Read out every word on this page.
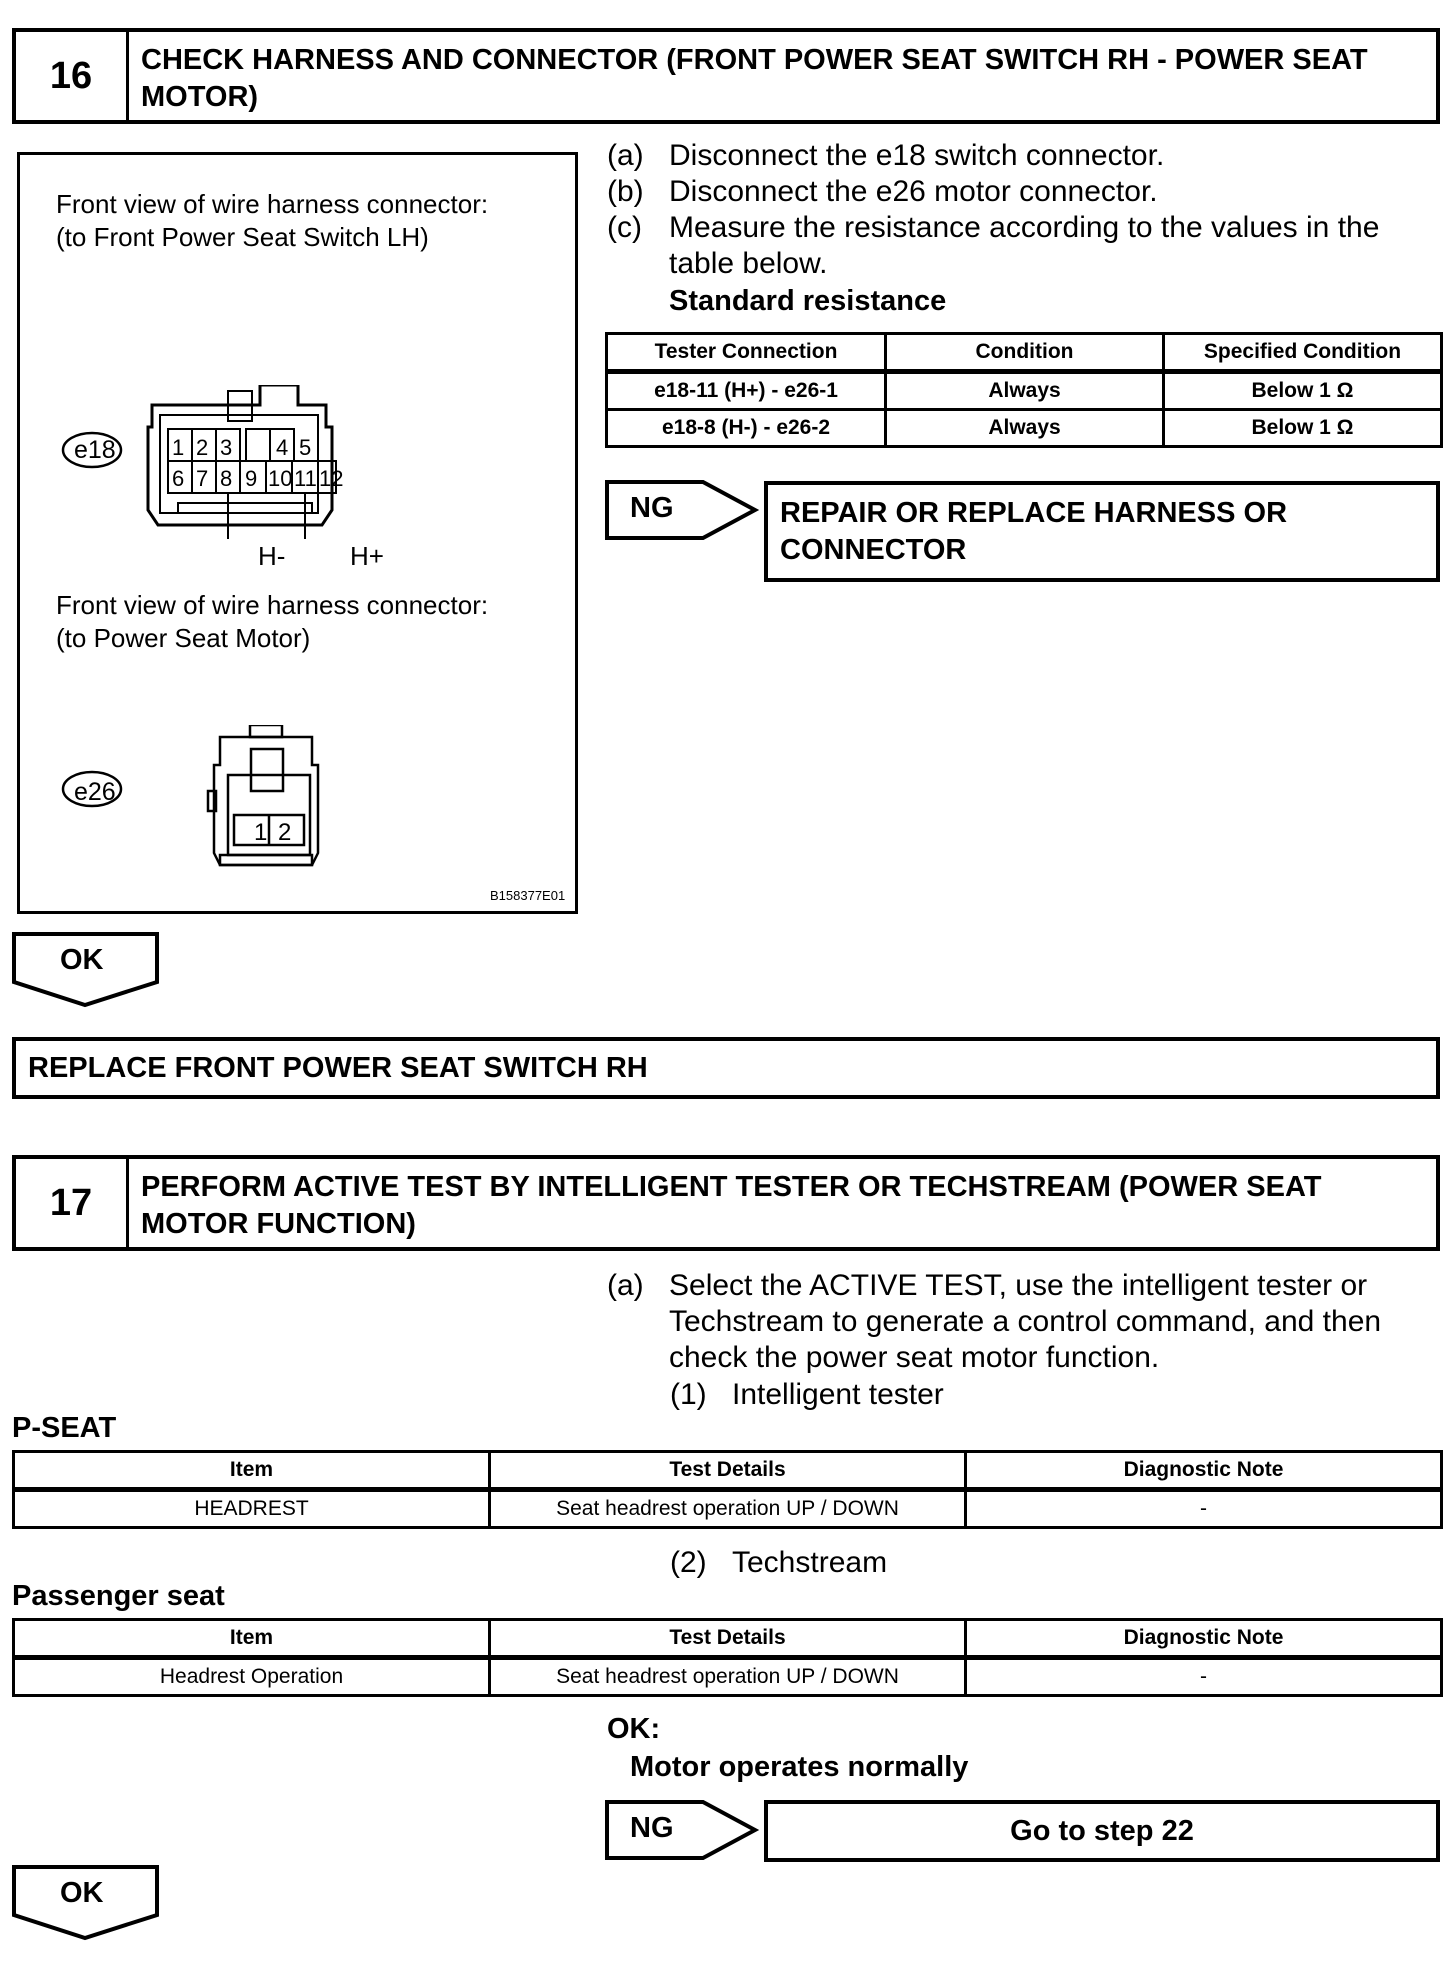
16	CHECK HARNESS AND CONNECTOR (FRONT POWER SEAT SWITCH RH - POWER SEAT MOTOR)
Front view of wire harness connector:
(to Front Power Seat Switch LH)
e18	1 2 3 4 5
6 7 8 9 10 11 12
H- H+
Front view of wire harness connector:
(to Power Seat Motor)
e26
1 2
B158377E01
(a) Disconnect the e18 switch connector.
(b) Disconnect the e26 motor connector.
(c) Measure the resistance according to the values in the table below.
Standard resistance
Tester Connection	Condition	Specified Condition
e18-11 (H+) - e26-1	Always	Below 1 Ω
e18-8 (H-) - e26-2	Always	Below 1 Ω
NG	REPAIR OR REPLACE HARNESS OR CONNECTOR
OK
REPLACE FRONT POWER SEAT SWITCH RH
17	PERFORM ACTIVE TEST BY INTELLIGENT TESTER OR TECHSTREAM (POWER SEAT MOTOR FUNCTION)
(a) Select the ACTIVE TEST, use the intelligent tester or Techstream to generate a control command, and then check the power seat motor function.
(1) Intelligent tester
P-SEAT
Item	Test Details	Diagnostic Note
HEADREST	Seat headrest operation UP / DOWN	-
(2) Techstream
Passenger seat
Item	Test Details	Diagnostic Note
Headrest Operation	Seat headrest operation UP / DOWN	-
OK:
Motor operates normally
NG	Go to step 22
OK
